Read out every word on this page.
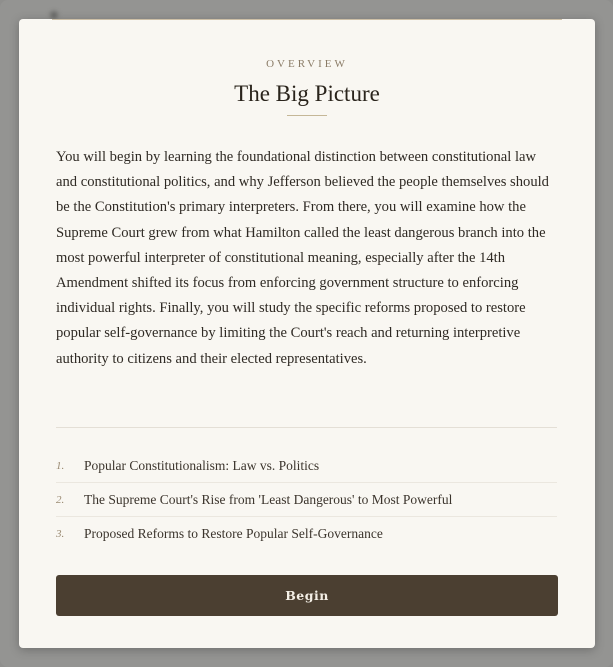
OVERVIEW
The Big Picture

You will begin by learning the foundational distinction between constitutional law and constitutional politics, and why Jefferson believed the people themselves should be the Constitution's primary interpreters. From there, you will examine how the Supreme Court grew from what Hamilton called the least dangerous branch into the most powerful interpreter of constitutional meaning, especially after the 14th Amendment shifted its focus from enforcing government structure to enforcing individual rights. Finally, you will study the specific reforms proposed to restore popular self-governance by limiting the Court's reach and returning interpretive authority to citizens and their elected representatives.

1.	Popular Constitutionalism: Law vs. Politics
2.	The Supreme Court's Rise from 'Least Dangerous' to Most Powerful
3.	Proposed Reforms to Restore Popular Self-Governance
Begin
